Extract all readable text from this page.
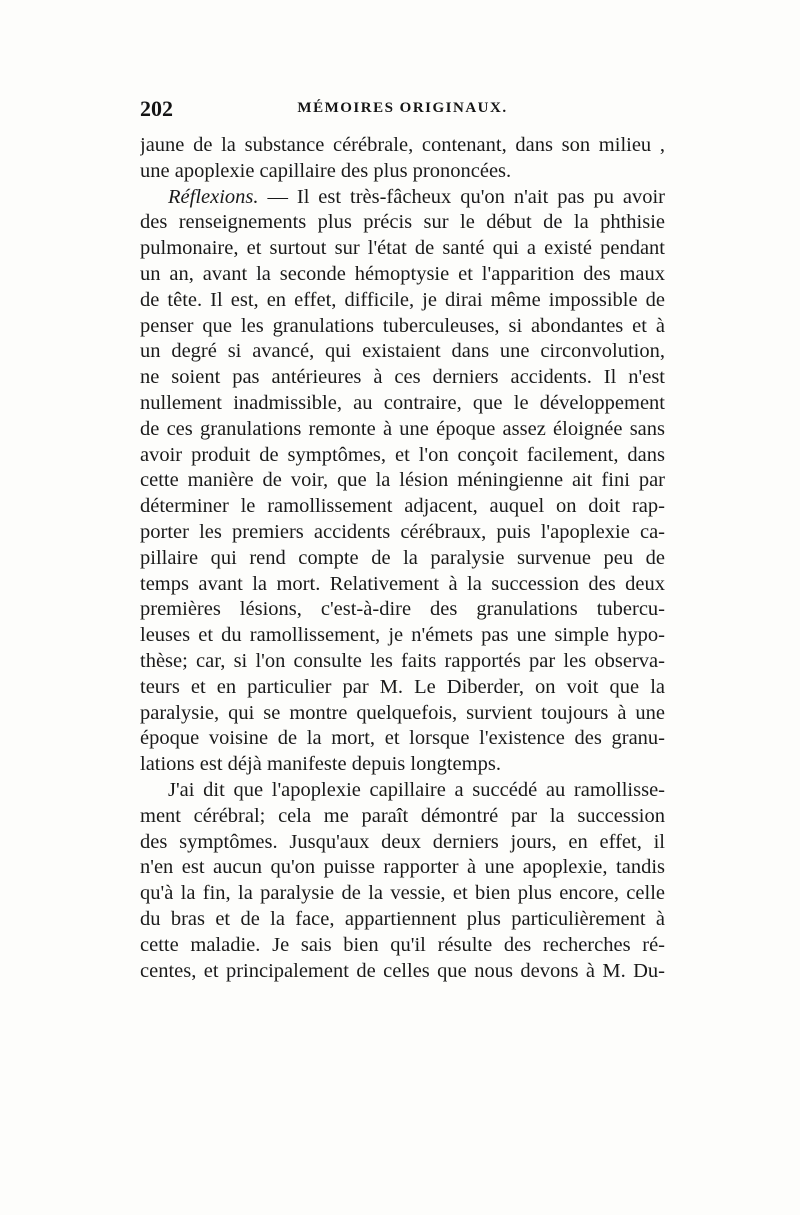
202	MÉMOIRES ORIGINAUX.
jaune de la substance cérébrale, contenant, dans son milieu ,
une apoplexie capillaire des plus prononcées.
Réflexions. — Il est très-fâcheux qu'on n'ait pas pu avoir
des renseignements plus précis sur le début de la phthisie
pulmonaire, et surtout sur l'état de santé qui a existé pendant
un an, avant la seconde hémoptysie et l'apparition des maux
de tête. Il est, en effet, difficile, je dirai même impossible de
penser que les granulations tuberculeuses, si abondantes et à
un degré si avancé, qui existaient dans une circonvolution,
ne soient pas antérieures à ces derniers accidents. Il n'est
nullement inadmissible, au contraire, que le développement
de ces granulations remonte à une époque assez éloignée sans
avoir produit de symptômes, et l'on conçoit facilement, dans
cette manière de voir, que la lésion méningienne ait fini par
déterminer le ramollissement adjacent, auquel on doit rap-
porter les premiers accidents cérébraux, puis l'apoplexie ca-
pillaire qui rend compte de la paralysie survenue peu de
temps avant la mort. Relativement à la succession des deux
premières lésions, c'est-à-dire des granulations tubercu-
leuses et du ramollissement, je n'émets pas une simple hypo-
thèse; car, si l'on consulte les faits rapportés par les observa-
teurs et en particulier par M. Le Diberder, on voit que la
paralysie, qui se montre quelquefois, survient toujours à une
époque voisine de la mort, et lorsque l'existence des granu-
lations est déjà manifeste depuis longtemps.
J'ai dit que l'apoplexie capillaire a succédé au ramollisse-
ment cérébral; cela me paraît démontré par la succession
des symptômes. Jusqu'aux deux derniers jours, en effet, il
n'en est aucun qu'on puisse rapporter à une apoplexie, tandis
qu'à la fin, la paralysie de la vessie, et bien plus encore, celle
du bras et de la face, appartiennent plus particulièrement à
cette maladie. Je sais bien qu'il résulte des recherches ré-
centes, et principalement de celles que nous devons à M. Du-
